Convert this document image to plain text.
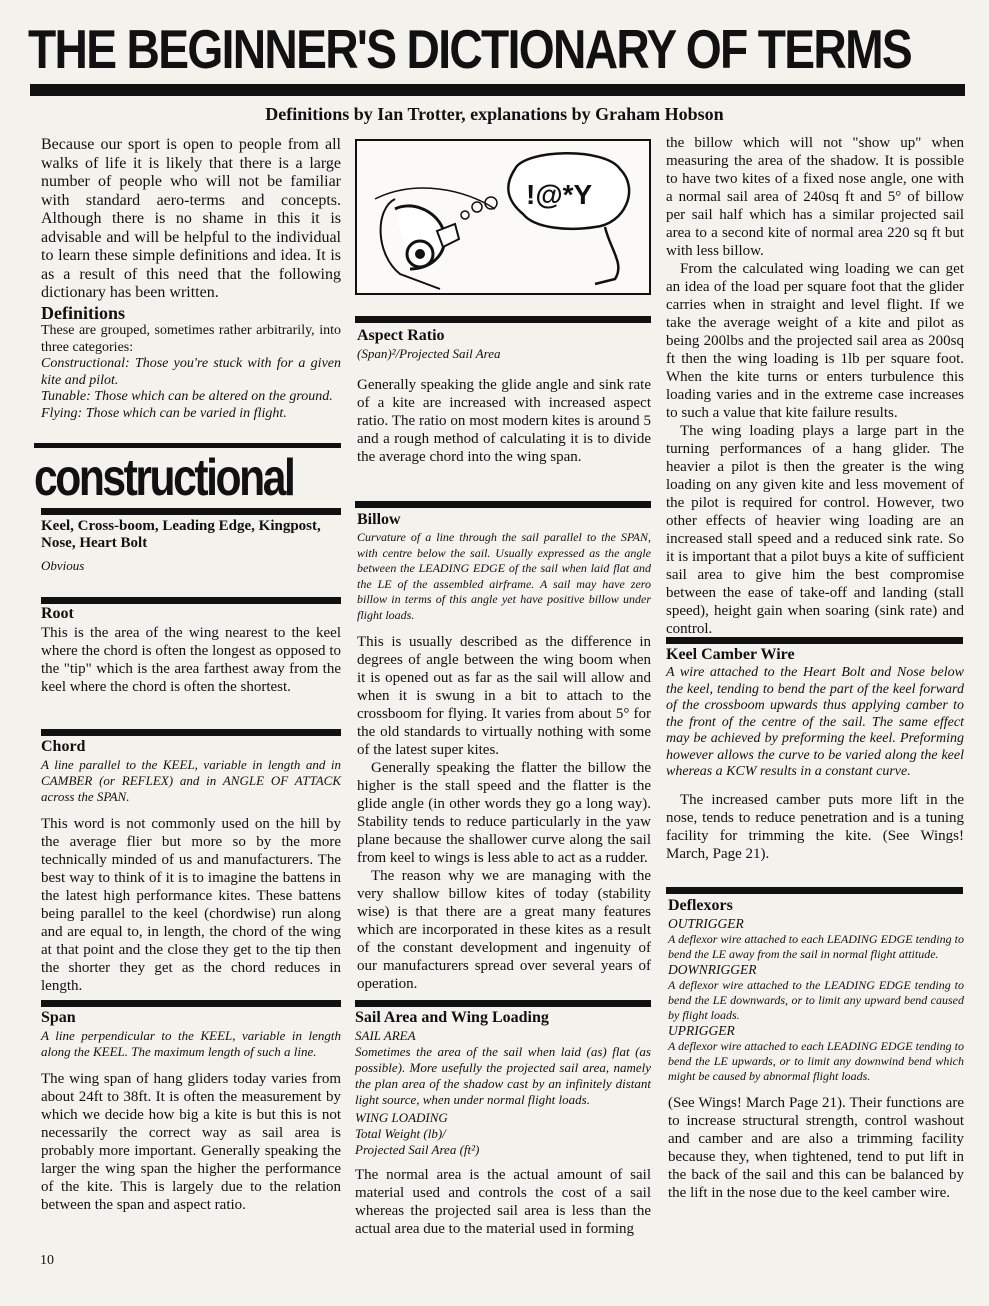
THE BEGINNER'S DICTIONARY OF TERMS
Definitions by Ian Trotter, explanations by Graham Hobson
Because our sport is open to people from all walks of life it is likely that there is a large number of people who will not be familiar with standard aero-terms and concepts. Although there is no shame in this it is advisable and will be helpful to the individual to learn these simple definitions and idea. It is as a result of this need that the following dictionary has been written.

Definitions

These are grouped, sometimes rather arbitrarily, into three categories:

Constructional: Those you're stuck with for a given kite and pilot.

Tunable: Those which can be altered on the ground.

Flying: Those which can be varied in flight.

constructional

Keel, Cross-boom, Leading Edge, Kingpost, Nose, Heart Bolt

Obvious

Root

This is the area of the wing nearest to the keel where the chord is often the longest as opposed to the "tip" which is the area farthest away from the keel where the chord is often the shortest.

Chord

A line parallel to the KEEL, variable in length and in CAMBER (or REFLEX) and in ANGLE OF ATTACK across the SPAN.

This word is not commonly used on the hill by the average flier but more so by the more technically minded of us and manufacturers. The best way to think of it is to imagine the battens in the latest high performance kites. These battens being parallel to the keel (chordwise) run along and are equal to, in length, the chord of the wing at that point and the close they get to the tip then the shorter they get as the chord reduces in length.

Span

A line perpendicular to the KEEL, variable in length along the KEEL. The maximum length of such a line.

The wing span of hang gliders today varies from about 24ft to 38ft. It is often the measurement by which we decide how big a kite is but this is not necessarily the correct way as sail area is probably more important. Generally speaking the larger the wing span the higher the performance of the kite. This is largely due to the relation between the span and aspect ratio.

10
!@*Y

Aspect Ratio

(Span)²/Projected Sail Area

Generally speaking the glide angle and sink rate of a kite are increased with increased aspect ratio. The ratio on most modern kites is around 5 and a rough method of calculating it is to divide the average chord into the wing span.

Billow

Curvature of a line through the sail parallel to the SPAN, with centre below the sail. Usually expressed as the angle between the LEADING EDGE of the sail when laid flat and the LE of the assembled airframe. A sail may have zero billow in terms of this angle yet have positive billow under flight loads.

This is usually described as the difference in degrees of angle between the wing boom when it is opened out as far as the sail will allow and when it is swung in a bit to attach to the crossboom for flying. It varies from about 5° for the old standards to virtually nothing with some of the latest super kites.

Generally speaking the flatter the billow the higher is the stall speed and the flatter is the glide angle (in other words they go a long way). Stability tends to reduce particularly in the yaw plane because the shallower curve along the sail from keel to wings is less able to act as a rudder.

The reason why we are managing with the very shallow billow kites of today (stability wise) is that there are a great many features which are incorporated in these kites as a result of the constant development and ingenuity of our manufacturers spread over several years of operation.

Sail Area and Wing Loading

SAIL AREA

Sometimes the area of the sail when laid (as) flat (as possible). More usefully the projected sail area, namely the plan area of the shadow cast by an infinitely distant light source, when under normal flight loads.

WING LOADING

Total Weight (lb)/

Projected Sail Area (ft²)

The normal area is the actual amount of sail material used and controls the cost of a sail whereas the projected sail area is less than the actual area due to the material used in forming

the billow which will not "show up" when measuring the area of the shadow. It is possible to have two kites of a fixed nose angle, one with a normal sail area of 240sq ft and 5° of billow per sail half which has a similar projected sail area to a second kite of normal area 220 sq ft but with less billow.

From the calculated wing loading we can get an idea of the load per square foot that the glider carries when in straight and level flight. If we take the average weight of a kite and pilot as being 200lbs and the projected sail area as 200sq ft then the wing loading is 1lb per square foot. When the kite turns or enters turbulence this loading varies and in the extreme case increases to such a value that kite failure results.

The wing loading plays a large part in the turning performances of a hang glider. The heavier a pilot is then the greater is the wing loading on any given kite and less movement of the pilot is required for control. However, two other effects of heavier wing loading are an increased stall speed and a reduced sink rate. So it is important that a pilot buys a kite of sufficient sail area to give him the best compromise between the ease of take-off and landing (stall speed), height gain when soaring (sink rate) and control.

Keel Camber Wire

A wire attached to the Heart Bolt and Nose below the keel, tending to bend the part of the keel forward of the crossboom upwards thus applying camber to the front of the centre of the sail. The same effect may be achieved by preforming the keel. Preforming however allows the curve to be varied along the keel whereas a KCW results in a constant curve.

The increased camber puts more lift in the nose, tends to reduce penetration and is a tuning facility for trimming the kite. (See Wings! March, Page 21).

Deflexors

OUTRIGGER

A deflexor wire attached to each LEADING EDGE tending to bend the LE away from the sail in normal flight attitude.

DOWNRIGGER

A deflexor wire attached to the LEADING EDGE tending to bend the LE downwards, or to limit any upward bend caused by flight loads.

UPRIGGER

A deflexor wire attached to each LEADING EDGE tending to bend the LE upwards, or to limit any downwind bend which might be caused by abnormal flight loads.

(See Wings! March Page 21). Their functions are to increase structural strength, control washout and camber and are also a trimming facility because they, when tightened, tend to put lift in the back of the sail and this can be balanced by the lift in the nose due to the keel camber wire.
